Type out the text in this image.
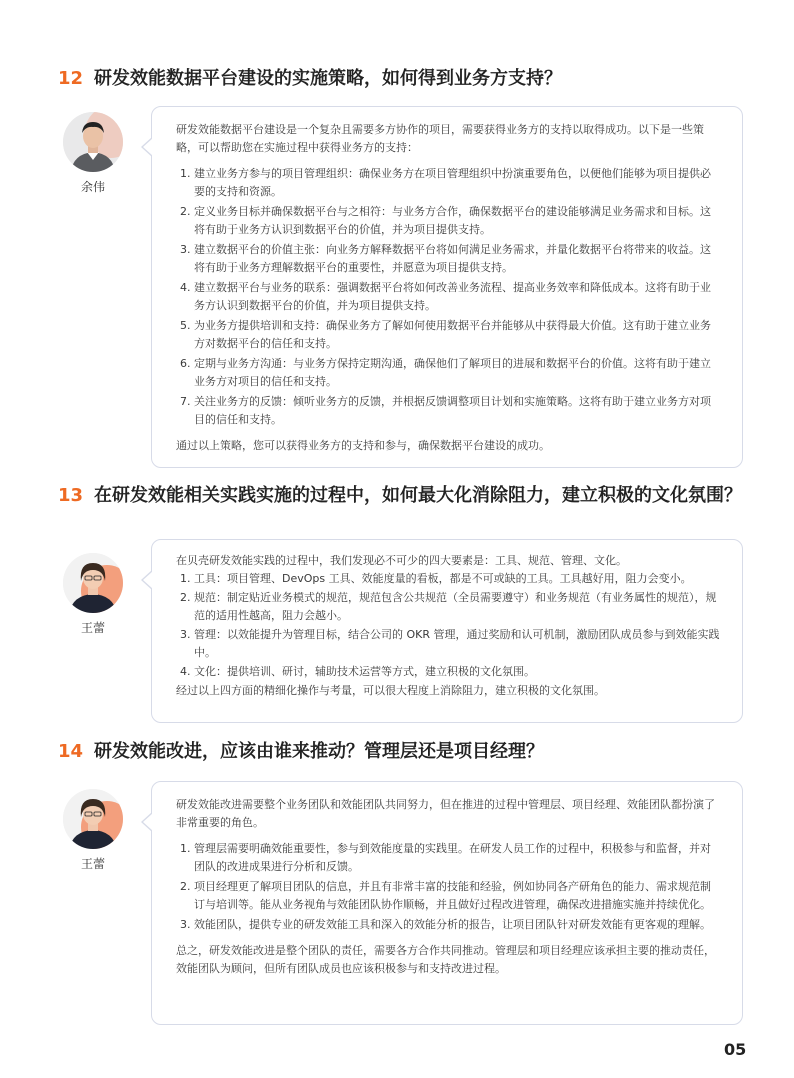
12 研发效能数据平台建设的实施策略，如何得到业务方支持？
余伟

研发效能数据平台建设是一个复杂且需要多方协作的项目，需要获得业务方的支持以取得成功。以下是一些策略，可以帮助您在实施过程中获得业务方的支持：

1. 建立业务方参与的项目管理组织：确保业务方在项目管理组织中扮演重要角色，以便他们能够为项目提供必要的支持和资源。
2. 定义业务目标并确保数据平台与之相符：与业务方合作，确保数据平台的建设能够满足业务需求和目标。这将有助于业务方认识到数据平台的价值，并为项目提供支持。
3. 建立数据平台的价值主张：向业务方解释数据平台将如何满足业务需求，并量化数据平台将带来的收益。这将有助于业务方理解数据平台的重要性，并愿意为项目提供支持。
4. 建立数据平台与业务的联系：强调数据平台将如何改善业务流程、提高业务效率和降低成本。这将有助于业务方认识到数据平台的价值，并为项目提供支持。
5. 为业务方提供培训和支持：确保业务方了解如何使用数据平台并能够从中获得最大价值。这有助于建立业务方对数据平台的信任和支持。
6. 定期与业务方沟通：与业务方保持定期沟通，确保他们了解项目的进展和数据平台的价值。这将有助于建立业务方对项目的信任和支持。
7. 关注业务方的反馈：倾听业务方的反馈，并根据反馈调整项目计划和实施策略。这将有助于建立业务方对项目的信任和支持。

通过以上策略，您可以获得业务方的支持和参与，确保数据平台建设的成功。

13 在研发效能相关实践实施的过程中，如何最大化消除阻力，建立积极的文化氛围？
王蕾

在贝壳研发效能实践的过程中，我们发现必不可少的四大要素是：工具、规范、管理、文化。

1. 工具：项目管理、DevOps 工具、效能度量的看板，都是不可或缺的工具。工具越好用，阻力会变小。
2. 规范：制定贴近业务模式的规范，规范包含公共规范（全员需要遵守）和业务规范（有业务属性的规范），规范的适用性越高，阻力会越小。
3. 管理：以效能提升为管理目标，结合公司的 OKR 管理，通过奖励和认可机制，激励团队成员参与到效能实践中。
4. 文化：提供培训、研讨，辅助技术运营等方式，建立积极的文化氛围。

经过以上四方面的精细化操作与考量，可以很大程度上消除阻力，建立积极的文化氛围。

14 研发效能改进，应该由谁来推动？管理层还是项目经理？
王蕾

研发效能改进需要整个业务团队和效能团队共同努力，但在推进的过程中管理层、项目经理、效能团队都扮演了非常重要的角色。

1. 管理层需要明确效能重要性，参与到效能度量的实践里。在研发人员工作的过程中，积极参与和监督，并对团队的改进成果进行分析和反馈。
2. 项目经理更了解项目团队的信息，并且有非常丰富的技能和经验，例如协同各产研角色的能力、需求规范制订与培训等。能从业务视角与效能团队协作顺畅，并且做好过程改进管理，确保改进措施实施并持续优化。
3. 效能团队，提供专业的研发效能工具和深入的效能分析的报告，让项目团队针对研发效能有更客观的理解。

总之，研发效能改进是整个团队的责任，需要各方合作共同推动。管理层和项目经理应该承担主要的推动责任，效能团队为顾问，但所有团队成员也应该积极参与和支持改进过程。

05
